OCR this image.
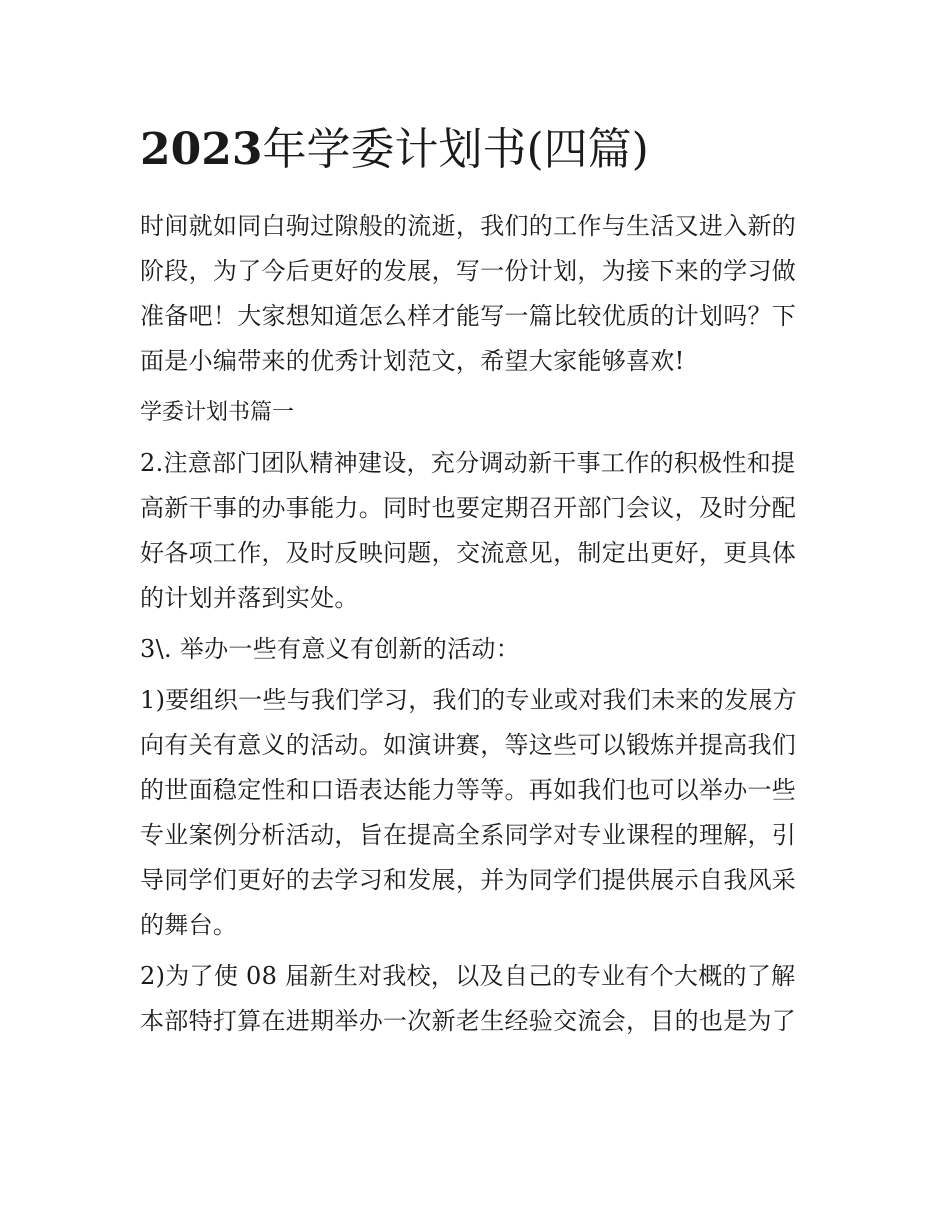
2023年学委计划书(四篇)
时间就如同白驹过隙般的流逝，我们的工作与生活又进入新的
阶段，为了今后更好的发展，写一份计划，为接下来的学习做
准备吧！大家想知道怎么样才能写一篇比较优质的计划吗？下
面是小编带来的优秀计划范文，希望大家能够喜欢!
学委计划书篇一
2.注意部门团队精神建设，充分调动新干事工作的积极性和提
高新干事的办事能力。同时也要定期召开部门会议，及时分配
好各项工作，及时反映问题，交流意见，制定出更好，更具体
的计划并落到实处。
3\. 举办一些有意义有创新的活动：
1)要组织一些与我们学习，我们的专业或对我们未来的发展方
向有关有意义的活动。如演讲赛，等这些可以锻炼并提高我们
的世面稳定性和口语表达能力等等。再如我们也可以举办一些
专业案例分析活动，旨在提高全系同学对专业课程的理解，引
导同学们更好的去学习和发展，并为同学们提供展示自我风采
的舞台。
2)为了使 08 届新生对我校，以及自己的专业有个大概的了解
本部特打算在进期举办一次新老生经验交流会，目的也是为了
